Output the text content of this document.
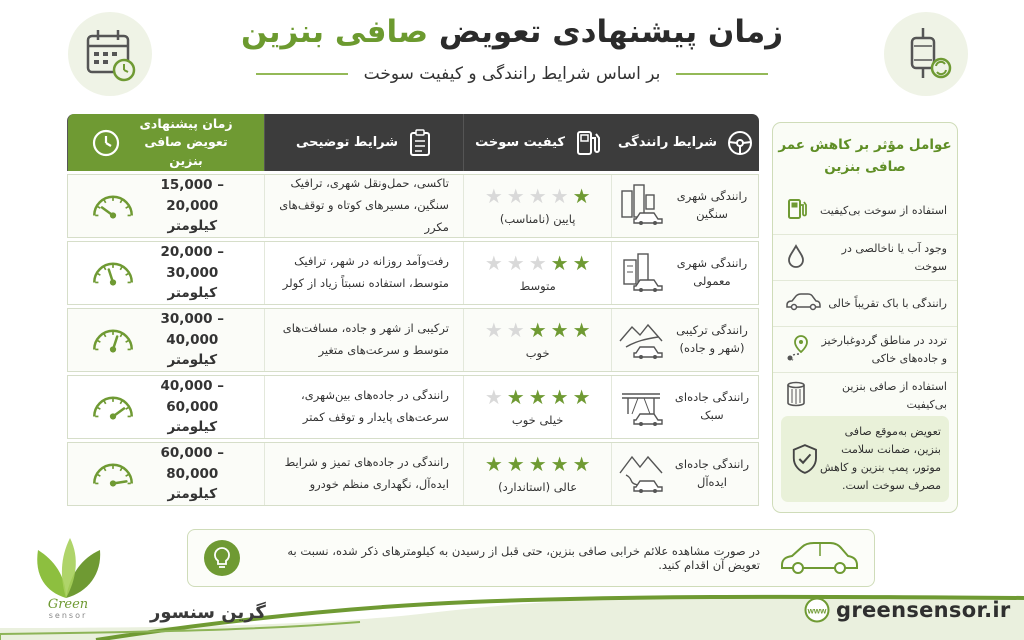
زمان پیشنهادی تعویض صافی بنزین
بر اساس شرایط رانندگی و کیفیت سوخت
شرایط رانندگی
کیفیت سوخت
شرایط توضیحی
زمان پیشنهادی تعویض صافی بنزین
رانندگی شهری سنگین
★
★
★
★
★
پایین (نامناسب)
تاکسی، حمل‌ونقل شهری، ترافیک سنگین، مسیرهای کوتاه و توقف‌های مکرر
15,000 – 20,000
کیلومتر
رانندگی شهری معمولی
★
★
★
★
★
متوسط
رفت‌وآمد روزانه در شهر، ترافیک متوسط، استفاده نسبتاً زیاد از کولر
20,000 – 30,000
کیلومتر
رانندگی ترکیبی (شهر و جاده)
★
★
★
★
★
خوب
ترکیبی از شهر و جاده، مسافت‌های متوسط و سرعت‌های متغیر
30,000 – 40,000
کیلومتر
رانندگی جاده‌ای سبک
★
★
★
★
★
خیلی خوب
رانندگی در جاده‌های بین‌شهری، سرعت‌های پایدار و توقف کمتر
40,000 – 60,000
کیلومتر
رانندگی جاده‌ای ایده‌آل
★
★
★
★
★
عالی (استاندارد)
رانندگی در جاده‌های تمیز و شرایط ایده‌آل، نگهداری منظم خودرو
60,000 – 80,000
کیلومتر
عوامل مؤثر بر کاهش عمر صافی بنزین
استفاده از سوخت بی‌کیفیت
وجود آب یا ناخالصی در سوخت
رانندگی با باک تقریباً خالی
تردد در مناطق گردوغبارخیز و جاده‌های خاکی
استفاده از صافی بنزین بی‌کیفیت
تعویض به‌موقع صافی بنزین، ضمانت سلامت موتور، پمپ بنزین و کاهش مصرف سوخت است.
در صورت مشاهده علائم خرابی صافی بنزین، حتی قبل از رسیدن به کیلومترهای ذکر شده، نسبت به تعویض آن اقدام کنید.
گرین سنسور	www greensensor.ir
Green
sensor
